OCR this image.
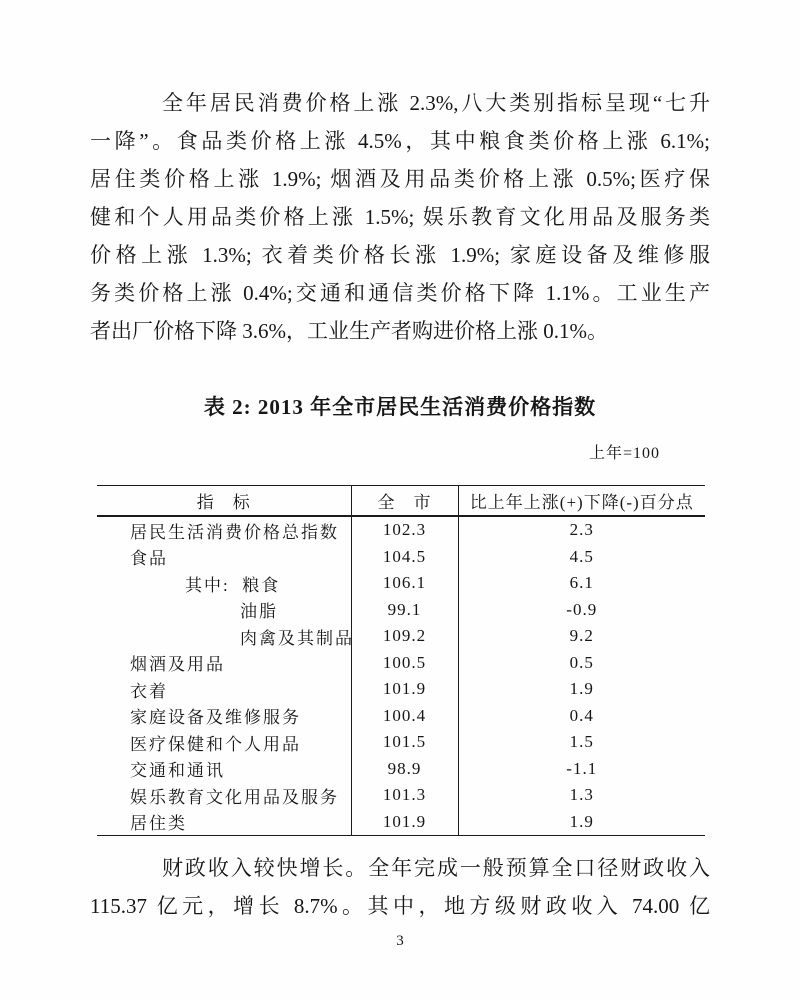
全年居民消费价格上涨 2.3%,八大类别指标呈现“七升
一降”。食品类价格上涨 4.5%，其中粮食类价格上涨 6.1%;
居住类价格上涨 1.9%; 烟酒及用品类价格上涨 0.5%;医疗保
健和个人用品类价格上涨 1.5%; 娱乐教育文化用品及服务类
价格上涨 1.3%; 衣着类价格长涨 1.9%; 家庭设备及维修服
务类价格上涨 0.4%;交通和通信类价格下降 1.1%。工业生产
者出厂价格下降 3.6%，工业生产者购进价格上涨 0.1%。
表 2: 2013 年全市居民生活消费价格指数
上年=100
指　标	全　市	比上年上涨(+)下降(-)百分点
居民生活消费价格总指数	102.3	2.3
食品	104.5	4.5
其中:  粮食	106.1	6.1
油脂	99.1	-0.9
肉禽及其制品	109.2	9.2
烟酒及用品	100.5	0.5
衣着	101.9	1.9
家庭设备及维修服务	100.4	0.4
医疗保健和个人用品	101.5	1.5
交通和通讯	98.9	-1.1
娱乐教育文化用品及服务	101.3	1.3
居住类	101.9	1.9
财政收入较快增长。全年完成一般预算全口径财政收入
115.37 亿元，增长 8.7%。其中，地方级财政收入 74.00 亿
3
